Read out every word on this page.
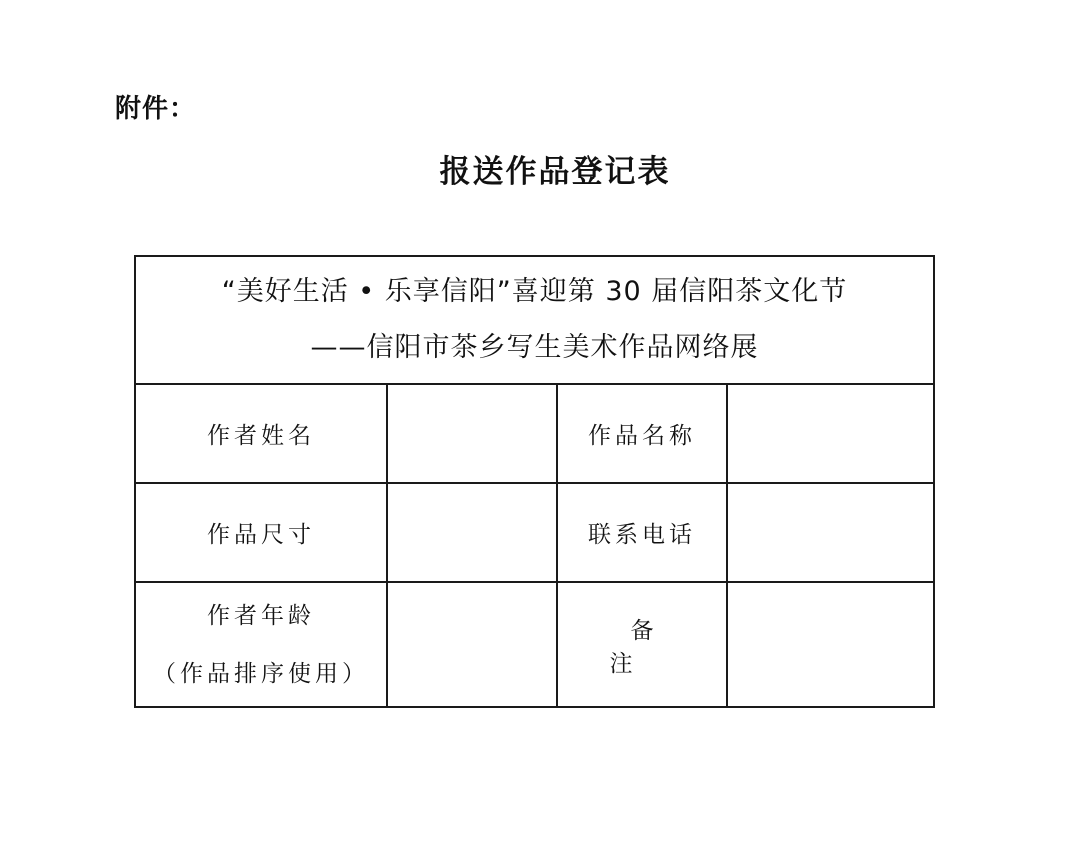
附件：
报送作品登记表
“美好生活 • 乐享信阳”喜迎第 30 届信阳茶文化节
——信阳市茶乡写生美术作品网络展			

作者姓名		作品名称	
作品尺寸		联系电话	

作者年龄
（作品排序使用）		备注	
